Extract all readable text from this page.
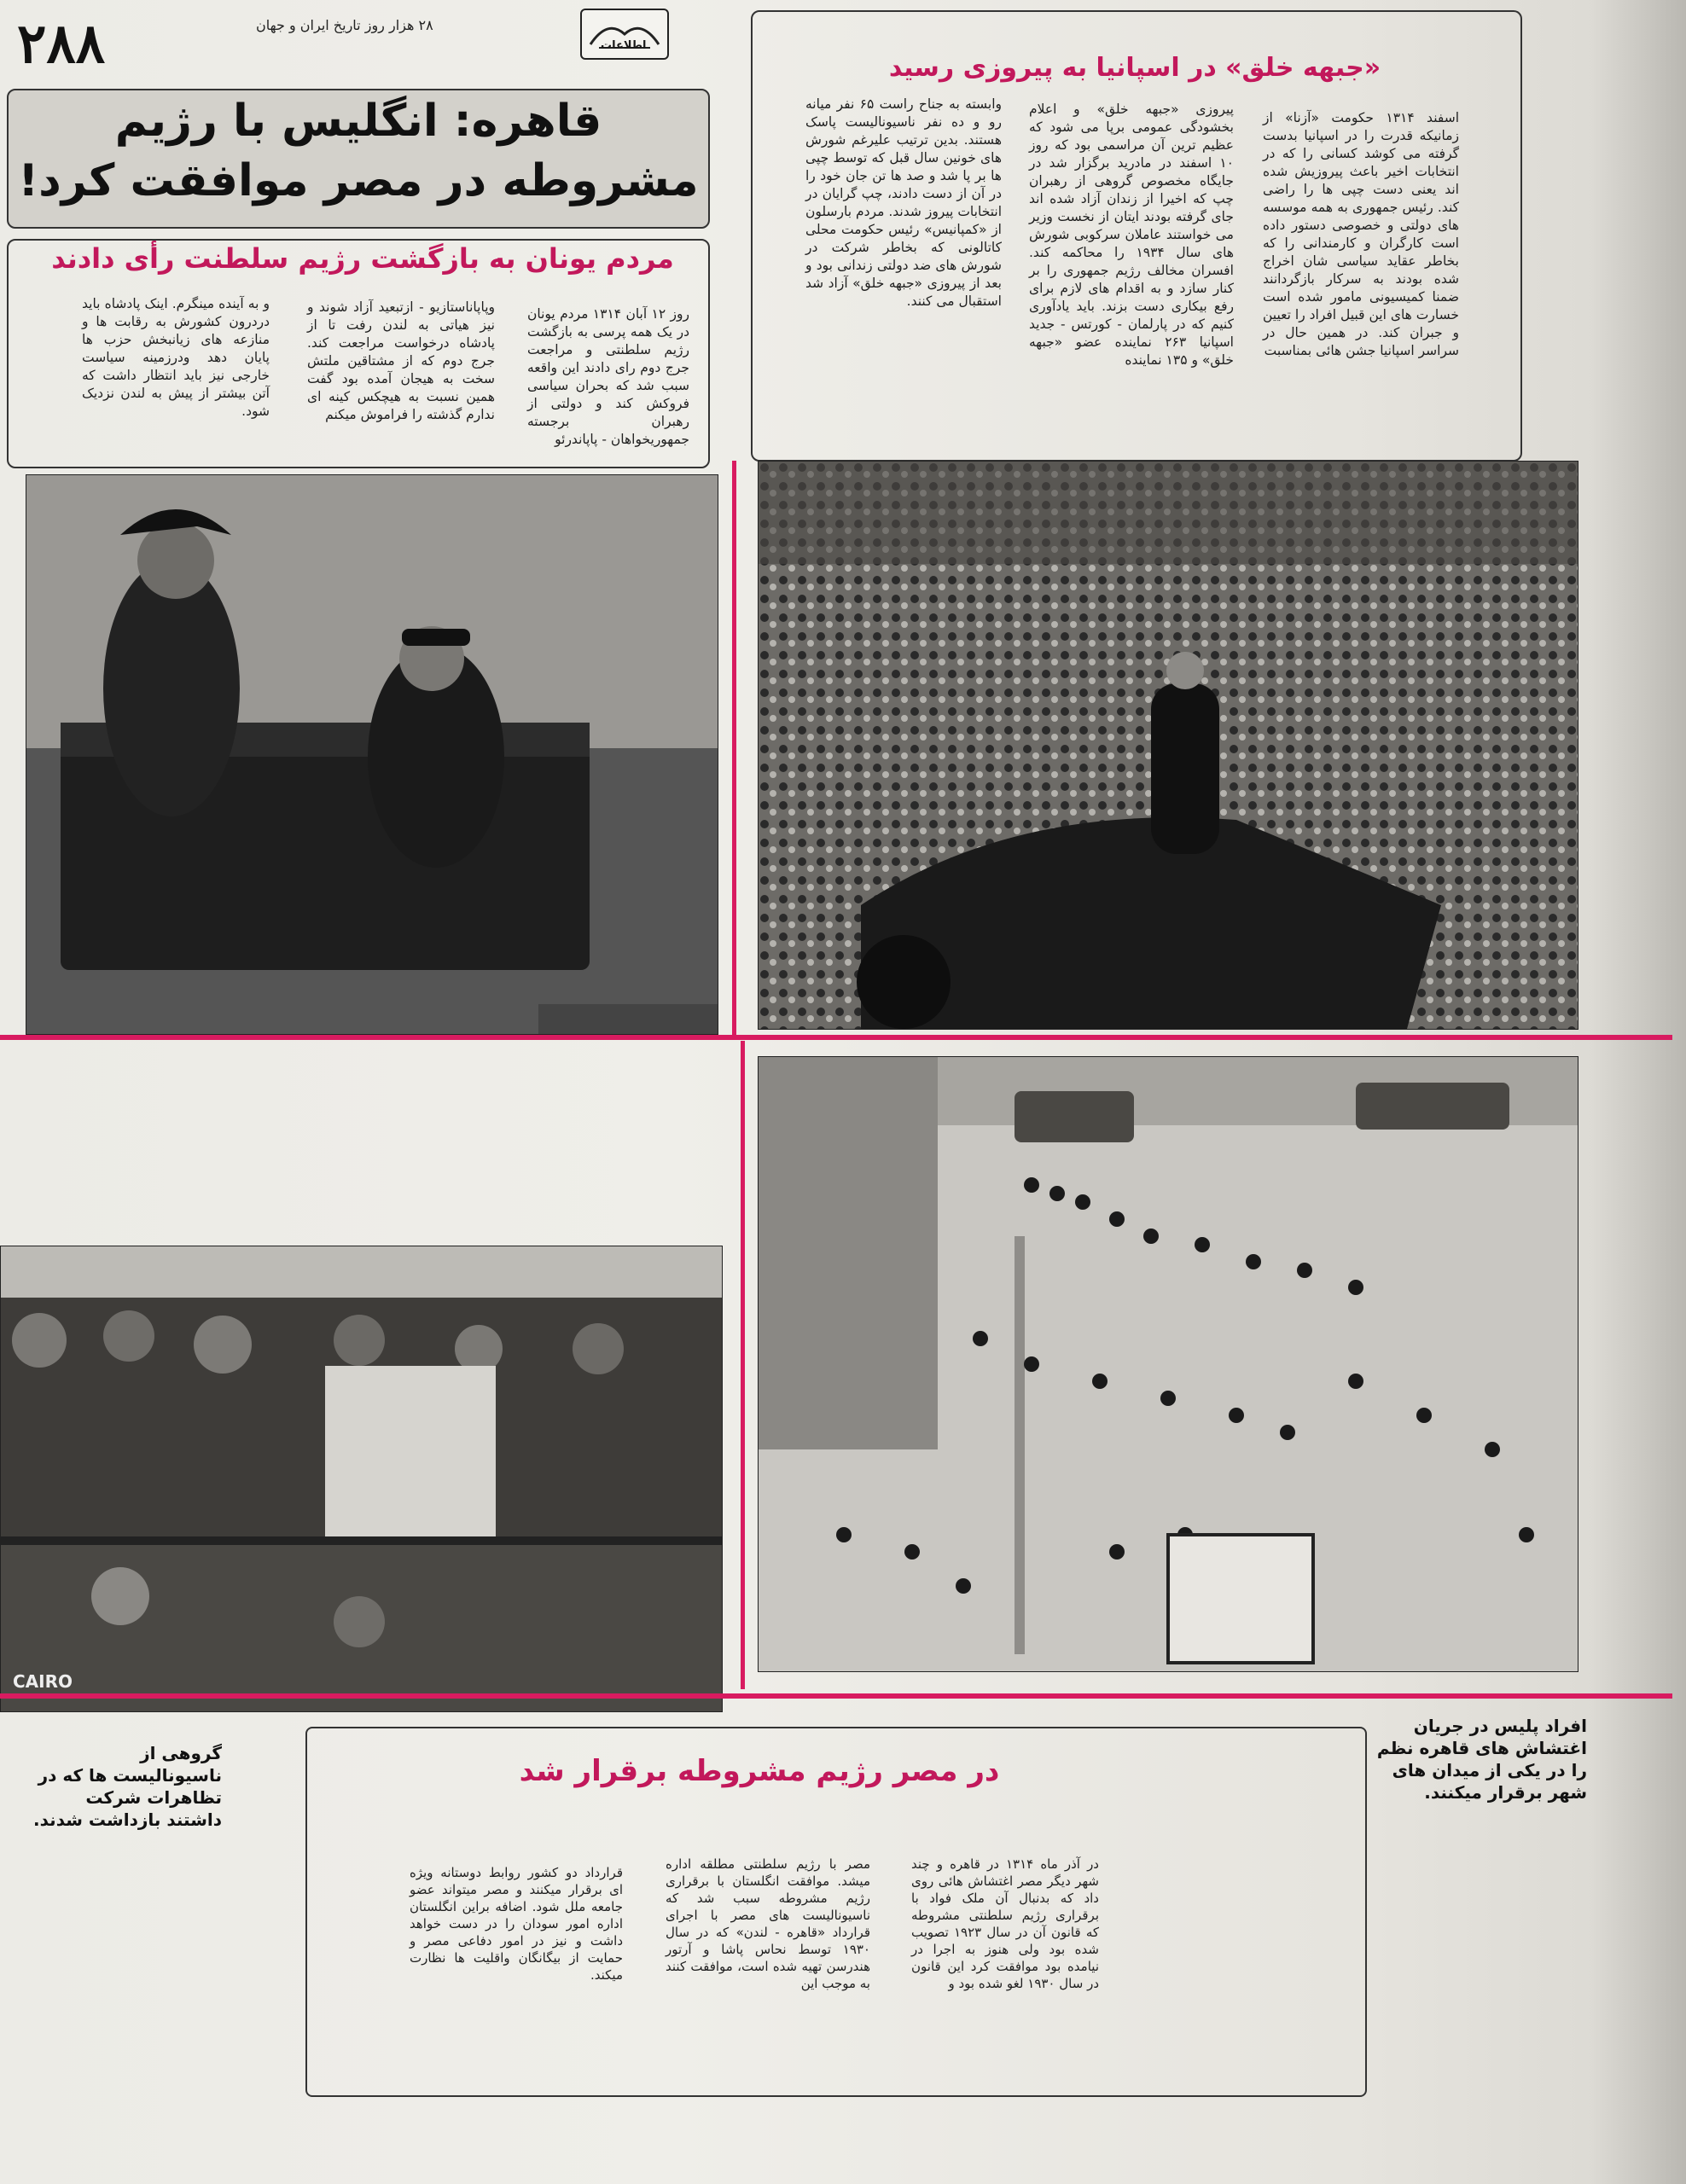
۲۸۸	۲۸ هزار روز تاریخ ایران و جهان
اطلاعات
قاهره: انگلیس با رژیم
مشروطه در مصر موافقت کرد!
مردم یونان به بازگشت رژیم سلطنت رأی دادند
روز ۱۲ آبان ۱۳۱۴ مردم یونان در یک همه پرسی به بازگشت رژیم سلطنتی و مراجعت جرج دوم رای دادند این واقعه سبب شد که بحران سیاسی فروکش کند و دولتی از رهبران برجسته جمهوریخواهان - پاپاندرئو
وپاپاناستازیو - ازتبعید آزاد شوند و نیز هیاتی به لندن رفت تا از پادشاه درخواست مراجعت کند. جرج دوم که از مشتاقین ملتش سخت به هیجان آمده بود گفت همین نسبت به هیچکس کینه ای ندارم گذشته را فراموش میکنم
و به آینده مینگرم. اینک پادشاه باید دردرون کشورش به رقابت ها و منازعه های زیانبخش حزب ها پایان دهد ودرزمینه سیاست خارجی نیز باید انتظار داشت که آتن بیشتر از پیش به لندن نزدیک شود.
«جبهه خلق» در اسپانیا به پیروزی رسید
اسفند ۱۳۱۴ حکومت «آزنا» از زمانیکه قدرت را در اسپانیا بدست گرفته می کوشد کسانی را که در انتخابات اخیر باعث پیروزیش شده اند یعنی دست چپی ها را راضی کند. رئیس جمهوری به همه موسسه های دولتی و خصوصی دستور داده است کارگران و کارمندانی را که بخاطر عقاید سیاسی شان اخراج شده بودند به سرکار بازگردانند ضمنا کمیسیونی مامور شده است خسارت های این قبیل افراد را تعیین و جبران کند. در همین حال در سراسر اسپانیا جشن هائی بمناسبت
پیروزی «جبهه خلق» و اعلام بخشودگی عمومی برپا می شود که عظیم ترین آن مراسمی بود که روز ۱۰ اسفند در مادرید برگزار شد در جایگاه مخصوص گروهی از رهبران چپ که اخیرا از زندان آزاد شده اند جای گرفته بودند ایتان از نخست وزیر می خواستند عاملان سرکوبی شورش های سال ۱۹۳۴ را محاکمه کند. افسران مخالف رژیم جمهوری را بر کنار سازد و به اقدام های لازم برای رفع بیکاری دست بزند. باید یادآوری کنیم که در پارلمان - کورتس - جدید اسپانیا ۲۶۳ نماینده عضو «جبهه خلق» و ۱۳۵ نماینده
وابسته به جناح راست ۶۵ نفر میانه رو و ده نفر ناسیونالیست پاسک هستند. بدین ترتیب علیرغم شورش های خونین سال قبل که توسط چپی ها بر پا شد و صد ها تن جان خود را در آن از دست دادند، چپ گرایان در انتخابات پیروز شدند. مردم بارسلون از «کمپانیس» رئیس حکومت محلی کاتالونی که بخاطر شرکت در شورش های ضد دولتی زندانی بود و بعد از پیروزی «جبهه خلق» آزاد شد استقبال می کنند.
CAIRO
افراد پلیس در جریان اغتشاش های قاهره نظم را در یکی از میدان های شهر برقرار میکنند.
گروهی از ناسیونالیست ها که در تظاهرات شرکت داشتند بازداشت شدند.
در مصر رژیم مشروطه برقرار شد
در آذر ماه ۱۳۱۴ در قاهره و چند شهر دیگر مصر اغتشاش هائی روی داد که بدنبال آن ملک فواد با برقراری رژیم سلطنتی مشروطه که قانون آن در سال ۱۹۲۳ تصویب شده بود ولی هنوز به اجرا در نیامده بود موافقت کرد این قانون در سال ۱۹۳۰ لغو شده بود و
مصر با رژیم سلطنتی مطلقه اداره میشد. موافقت انگلستان با برقراری رژیم مشروطه سبب شد که ناسیونالیست های مصر با اجرای قرارداد «قاهره - لندن» که در سال ۱۹۳۰ توسط نحاس پاشا و آرتور هندرسن تهیه شده است، موافقت کنند به موجب این
قرارداد دو کشور روابط دوستانه ویژه ای برقرار میکنند و مصر میتواند عضو جامعه ملل شود. اضافه براین انگلستان اداره امور سودان را در دست خواهد داشت و نیز در امور دفاعی مصر و حمایت از بیگانگان واقلیت ها نظارت میکند.
